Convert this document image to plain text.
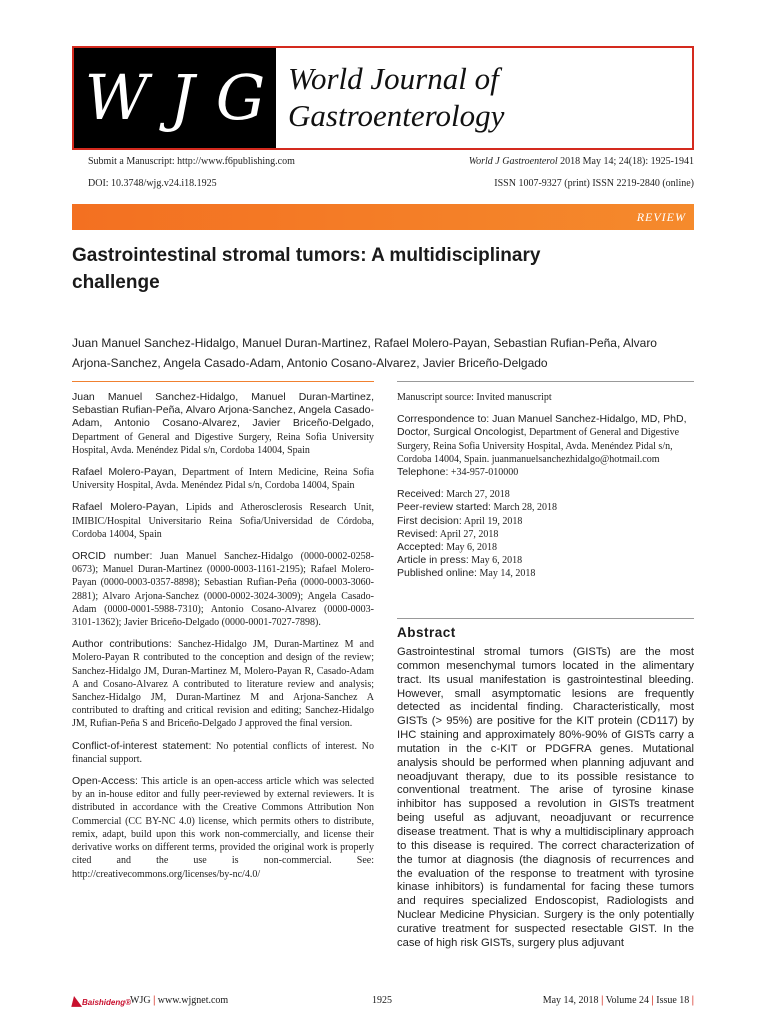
W J G World Journal of
Gastroenterology
Submit a Manuscript: http://www.f6publishing.com	World J Gastroenterol 2018 May 14; 24(18): 1925-1941
DOI: 10.3748/wjg.v24.i18.1925	ISSN 1007-9327 (print) ISSN 2219-2840 (online)
REVIEW
Gastrointestinal stromal tumors: A multidisciplinary
challenge
Juan Manuel Sanchez-Hidalgo, Manuel Duran-Martinez, Rafael Molero-Payan, Sebastian Rufian-Peña, Alvaro
Arjona-Sanchez, Angela Casado-Adam, Antonio Cosano-Alvarez, Javier Briceño-Delgado

Juan Manuel Sanchez-Hidalgo, Manuel Duran-Martinez, Sebastian Rufian-Peña, Alvaro Arjona-Sanchez, Angela Casado-Adam, Antonio Cosano-Alvarez, Javier Briceño-Delgado, Department of General and Digestive Surgery, Reina Sofia University Hospital, Avda. Menéndez Pidal s/n, Cordoba 14004, Spain

Rafael Molero-Payan, Department of Intern Medicine, Reina Sofia University Hospital, Avda. Menéndez Pidal s/n, Cordoba 14004, Spain

Rafael Molero-Payan, Lipids and Atherosclerosis Research Unit, IMIBIC/Hospital Universitario Reina Sofia/Universidad de Córdoba, Cordoba 14004, Spain

ORCID number: Juan Manuel Sanchez-Hidalgo (0000-0002-0258-0673); Manuel Duran-Martinez (0000-0003-1161-2195); Rafael Molero-Payan (0000-0003-0357-8898); Sebastian Rufian-Peña (0000-0003-3060-2881); Alvaro Arjona-Sanchez (0000-0002-3024-3009); Angela Casado-Adam (0000-0001-5988-7310); Antonio Cosano-Alvarez (0000-0003-3101-1362); Javier Briceño-Delgado (0000-0001-7027-7898).

Author contributions: Sanchez-Hidalgo JM, Duran-Martinez M and Molero-Payan R contributed to the conception and design of the review; Sanchez-Hidalgo JM, Duran-Martinez M, Molero-Payan R, Casado-Adam A and Cosano-Alvarez A contributed to literature review and analysis; Sanchez-Hidalgo JM, Duran-Martinez M and Arjona-Sanchez A contributed to drafting and critical revision and editing; Sanchez-Hidalgo JM, Rufian-Peña S and Briceño-Delgado J approved the final version.

Conflict-of-interest statement: No potential conflicts of interest. No financial support.

Open-Access: This article is an open-access article which was selected by an in-house editor and fully peer-reviewed by external reviewers. It is distributed in accordance with the Creative Commons Attribution Non Commercial (CC BY-NC 4.0) license, which permits others to distribute, remix, adapt, build upon this work non-commercially, and license their derivative works on different terms, provided the original work is properly cited and the use is non-commercial. See: http://creativecommons.org/licenses/by-nc/4.0/

Manuscript source: Invited manuscript

Correspondence to: Juan Manuel Sanchez-Hidalgo, MD, PhD, Doctor, Surgical Oncologist, Department of General and Digestive Surgery, Reina Sofia University Hospital, Avda. Menéndez Pidal s/n, Cordoba 14004, Spain. juanmanuelsanchezhidalgo@hotmail.com

Telephone: +34-957-010000

Received: March 27, 2018

Peer-review started: March 28, 2018

First decision: April 19, 2018

Revised: April 27, 2018

Accepted: May 6, 2018

Article in press: May 6, 2018

Published online: May 14, 2018

Abstract
Gastrointestinal stromal tumors (GISTs) are the most common mesenchymal tumors located in the alimentary tract. Its usual manifestation is gastrointestinal bleeding. However, small asymptomatic lesions are frequently detected as incidental finding. Characteristically, most GISTs (> 95%) are positive for the KIT protein (CD117) by IHC staining and approximately 80%-90% of GISTs carry a mutation in the c-KIT or PDGFRA genes. Mutational analysis should be performed when planning adjuvant and neoadjuvant therapy, due to its possible resistance to conventional treatment. The arise of tyrosine kinase inhibitor has supposed a revolution in GISTs treatment being useful as adjuvant, neoadjuvant or recurrence disease treatment. That is why a multidisciplinary approach to this disease is required. The correct characterization of the tumor at diagnosis (the diagnosis of recurrences and the evaluation of the response to treatment with tyrosine kinase inhibitors) is fundamental for facing these tumors and requires specialized Endoscopist, Radiologists and Nuclear Medicine Physician. Surgery is the only potentially curative treatment for suspected resectable GIST. In the case of high risk GISTs, surgery plus adjuvant
◣Baishideng®
WJG | www.wjgnet.com	1925	May 14, 2018 | Volume 24 | Issue 18 |
